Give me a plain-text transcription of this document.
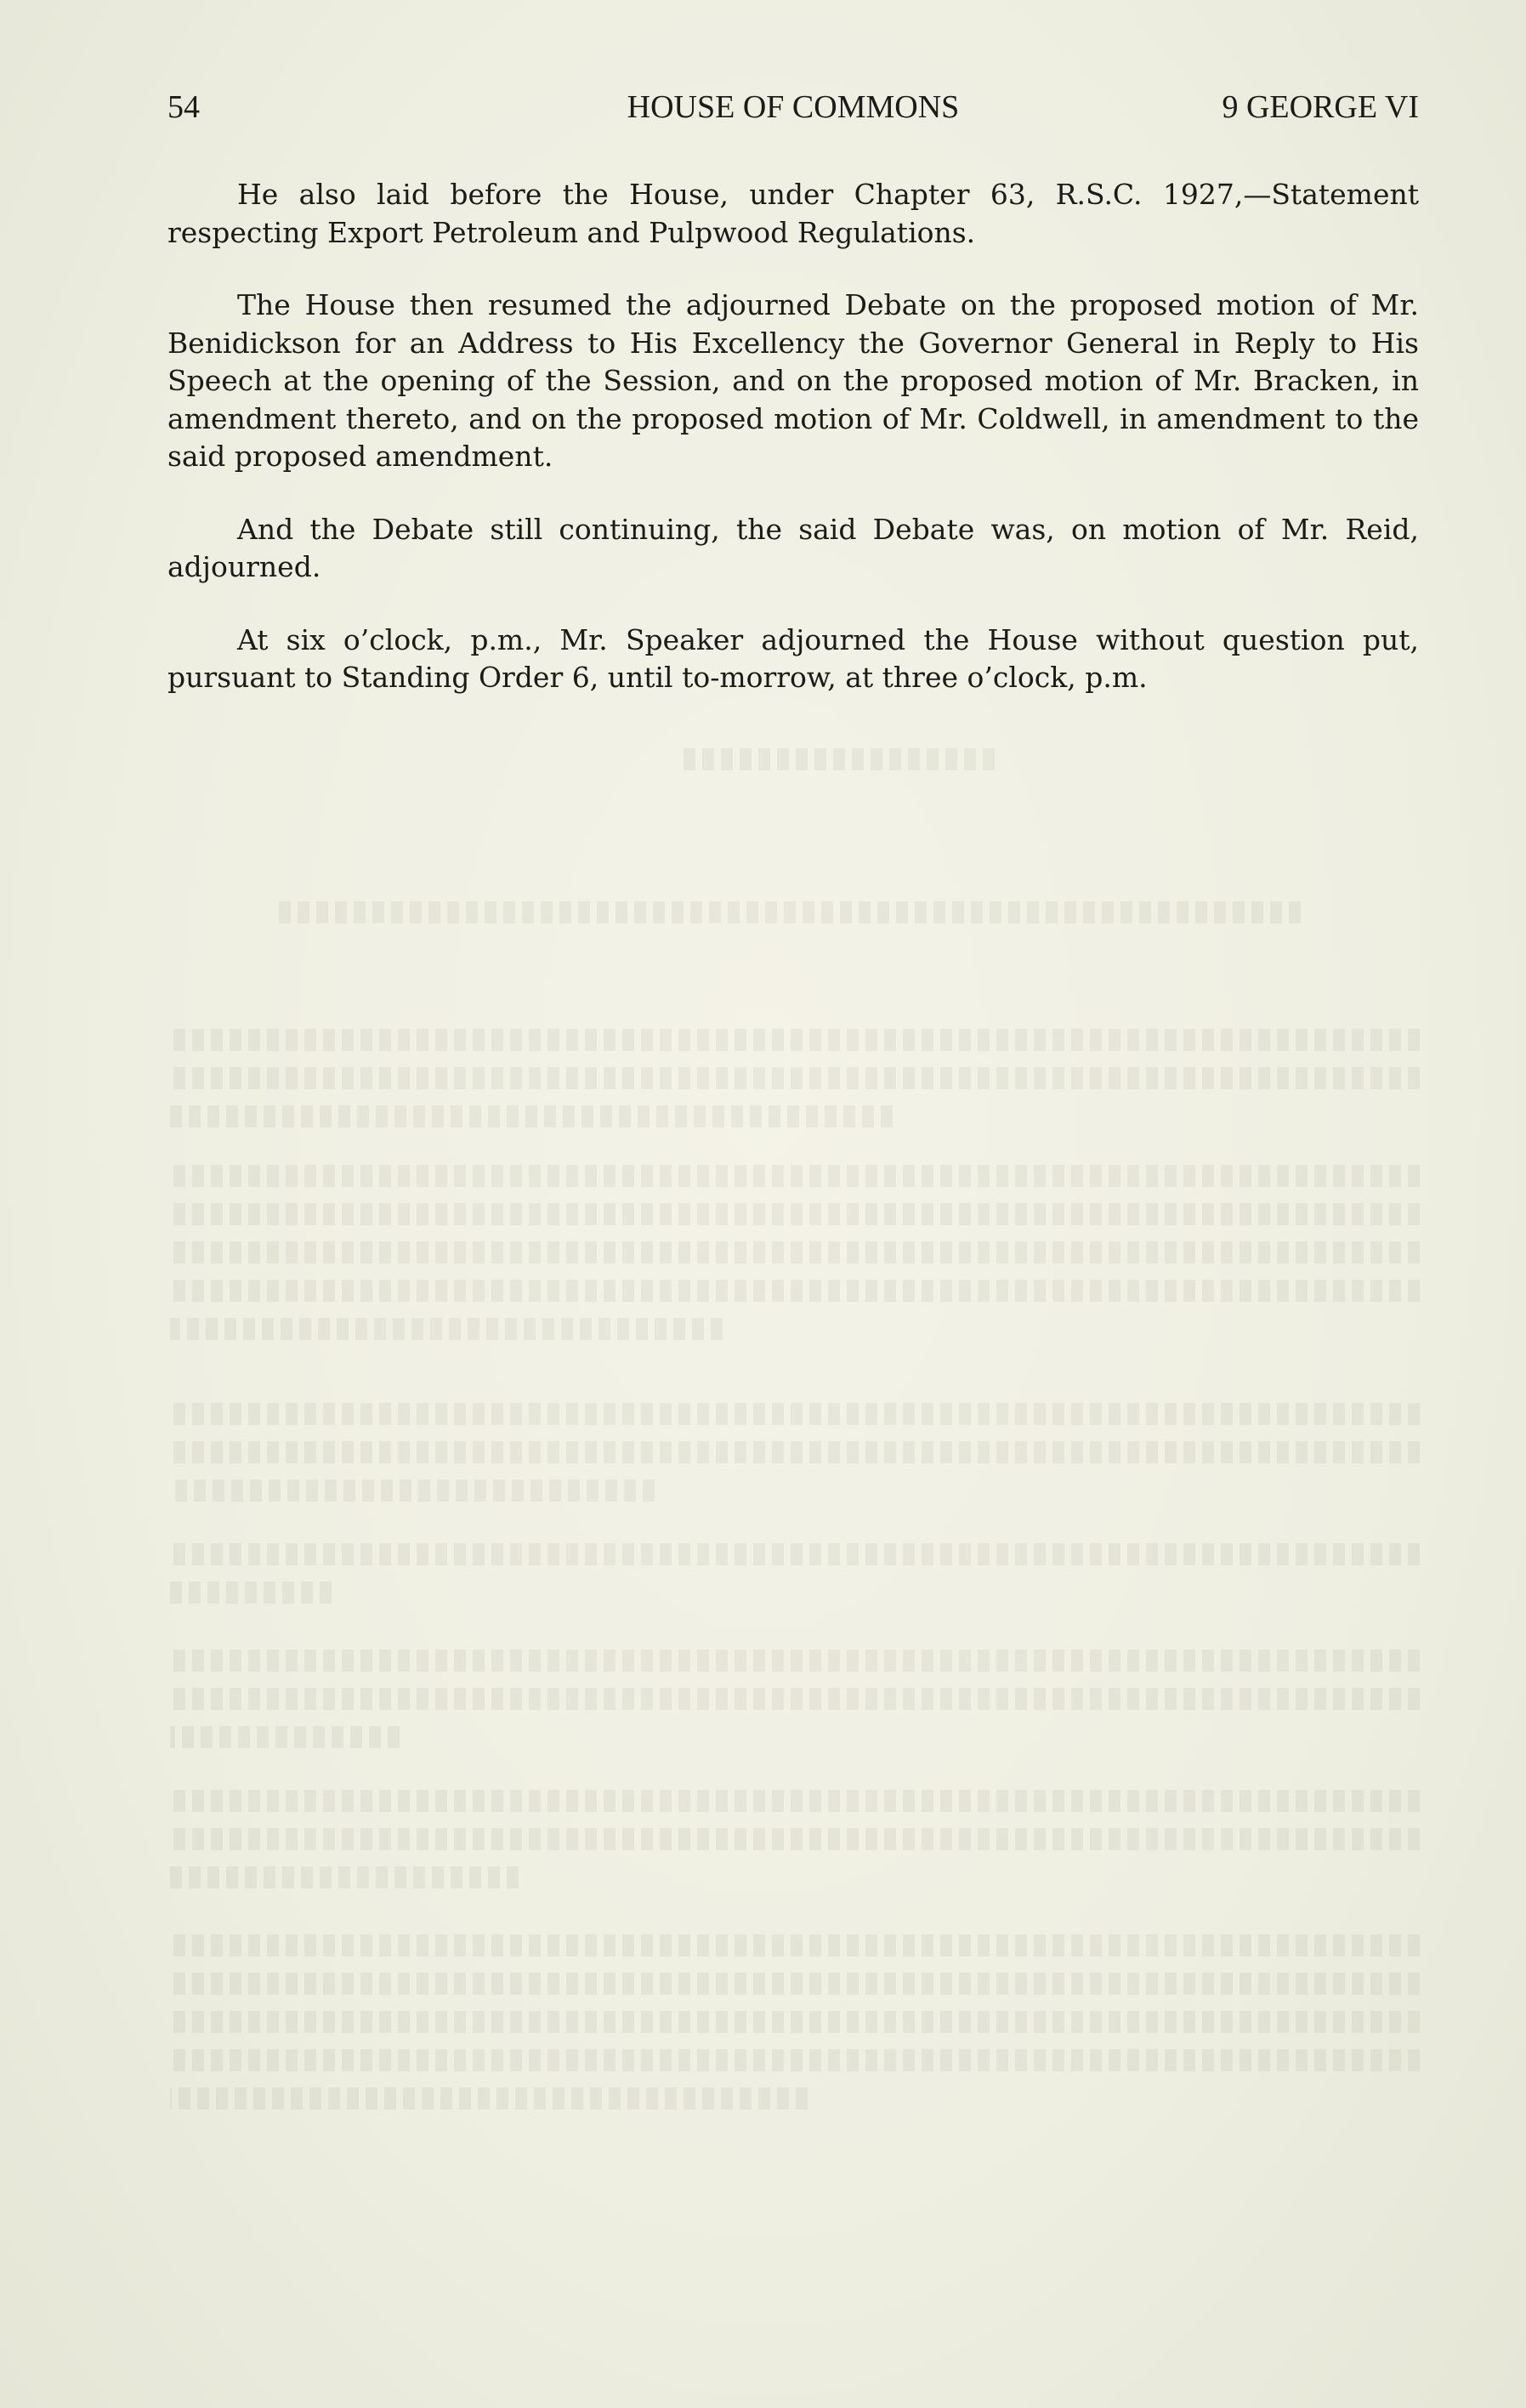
54	HOUSE OF COMMONS	9 GEORGE VI

He also laid before the House, under Chapter 63, R.S.C. 1927,—Statement respecting Export Petroleum and Pulpwood Regulations.

The House then resumed the adjourned Debate on the proposed motion of Mr. Benidickson for an Address to His Excellency the Governor General in Reply to His Speech at the opening of the Session, and on the proposed motion of Mr. Bracken, in amendment thereto, and on the proposed motion of Mr. Coldwell, in amendment to the said proposed amendment.

And the Debate still continuing, the said Debate was, on motion of Mr. Reid, adjourned.

At six o’clock, p.m., Mr. Speaker adjourned the House without question put, pursuant to Standing Order 6, until to-morrow, at three o’clock, p.m.
